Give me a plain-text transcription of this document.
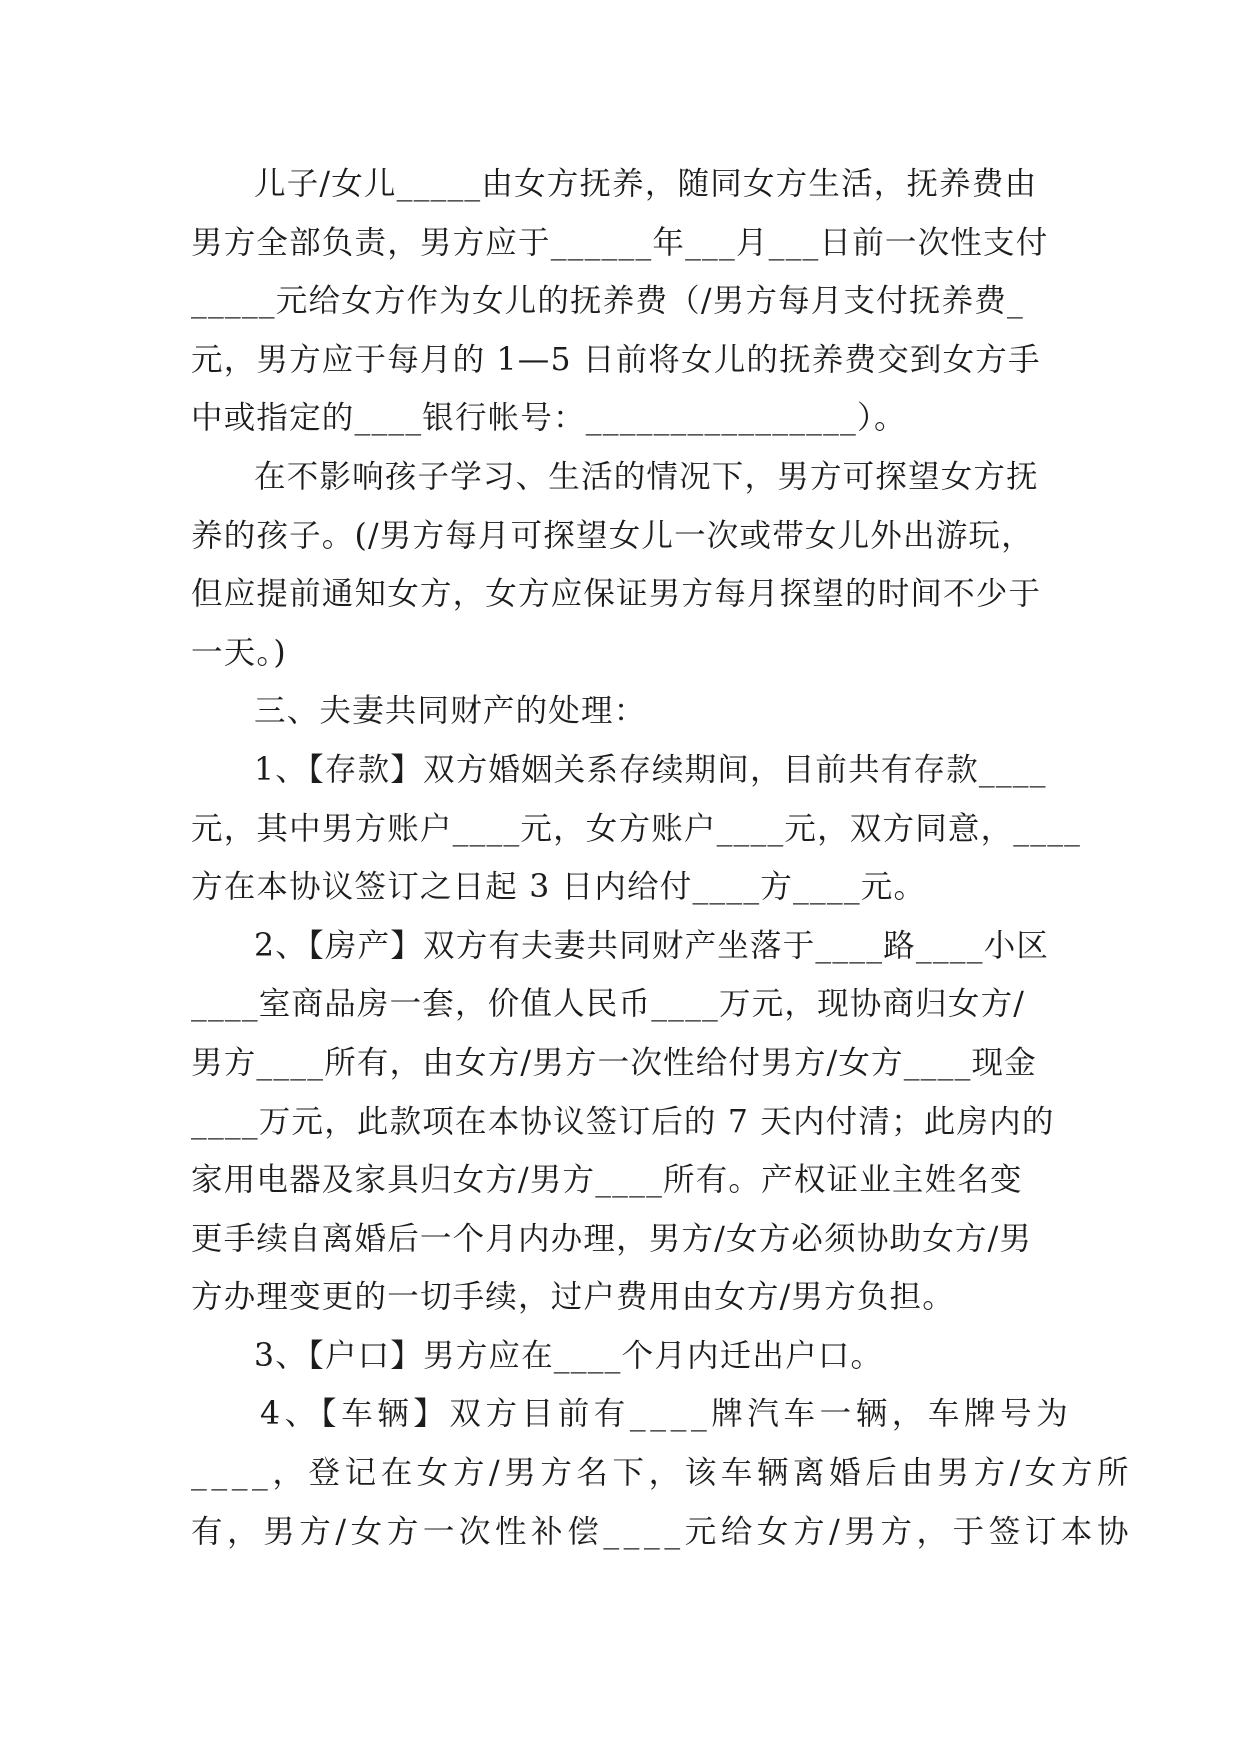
儿子/女儿_____由女方抚养，随同女方生活，抚养费由
男方全部负责，男方应于______年___月___日前一次性支付
_____元给女方作为女儿的抚养费（/男方每月支付抚养费_
元，男方应于每月的 1—5 日前将女儿的抚养费交到女方手
中或指定的____银行帐号：________________）。
在不影响孩子学习、生活的情况下，男方可探望女方抚
养的孩子。(/男方每月可探望女儿一次或带女儿外出游玩，
但应提前通知女方，女方应保证男方每月探望的时间不少于
一天。)
三、夫妻共同财产的处理：
1、【存款】双方婚姻关系存续期间，目前共有存款____
元，其中男方账户____元，女方账户____元，双方同意，____
方在本协议签订之日起 3 日内给付____方____元。
2、【房产】双方有夫妻共同财产坐落于____路____小区
____室商品房一套，价值人民币____万元，现协商归女方/
男方____所有，由女方/男方一次性给付男方/女方____现金
____万元，此款项在本协议签订后的 7 天内付清；此房内的
家用电器及家具归女方/男方____所有。产权证业主姓名变
更手续自离婚后一个月内办理，男方/女方必须协助女方/男
方办理变更的一切手续，过户费用由女方/男方负担。
3、【户口】男方应在____个月内迁出户口。
4、【车辆】双方目前有____牌汽车一辆，车牌号为
____，登记在女方/男方名下，该车辆离婚后由男方/女方所
有，男方/女方一次性补偿____元给女方/男方，于签订本协
